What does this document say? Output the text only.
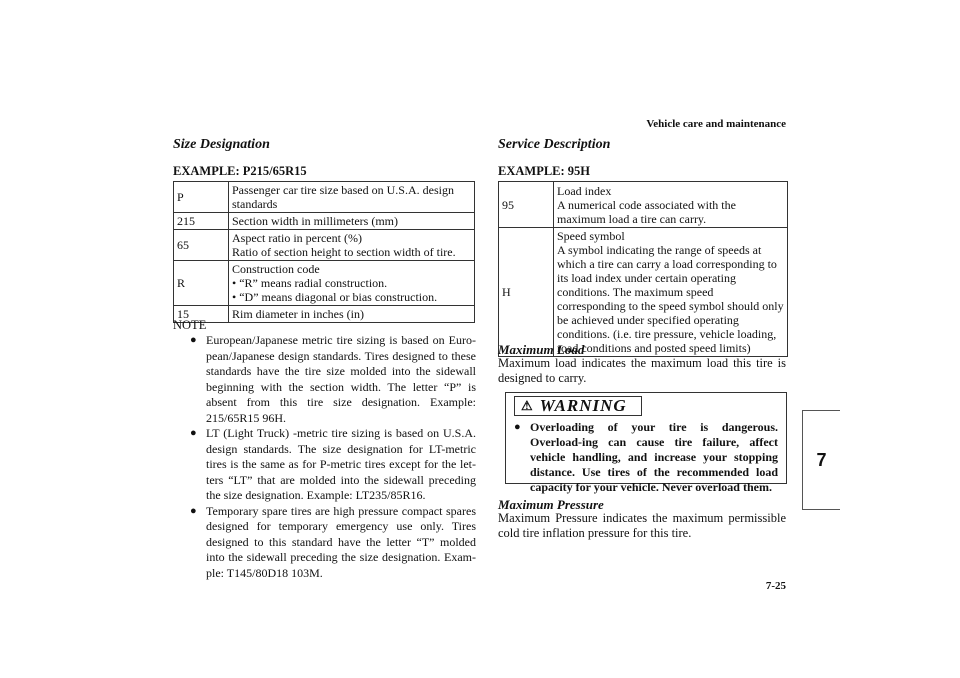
Vehicle care and maintenance
7-25
7
Size Designation
EXAMPLE: P215/65R15
P	Passenger car tire size based on U.S.A. design standards
215	Section width in millimeters (mm)
65	Aspect ratio in percent (%)
Ratio of section height to section width of tire.
R	Construction code
• “R” means radial construction.
• “D” means diagonal or bias construction.
15	Rim diameter in inches (in)
NOTE
● European/Japanese metric tire sizing is based on Euro-pean/Japanese design standards. Tires designed to these standards have the tire size molded into the sidewall beginning with the section width. The letter “P” is absent from this tire size designation. Example: 215/65R15 96H.
● LT (Light Truck) -metric tire sizing is based on U.S.A. design standards. The size designation for LT-metric tires is the same as for P-metric tires except for the let-ters “LT” that are molded into the sidewall preceding the size designation. Example: LT235/85R16.
● Temporary spare tires are high pressure compact spares designed for temporary emergency use only. Tires designed to this standard have the letter “T” molded into the sidewall preceding the size designation. Exam-ple: T145/80D18 103M.
Service Description
EXAMPLE: 95H
95	Load index
A numerical code associated with the maximum load a tire can carry.
H	Speed symbol
A symbol indicating the range of speeds at which a tire can carry a load corresponding to its load index under certain operating conditions. The maximum speed corresponding to the speed symbol should only be achieved under specified operating conditions. (i.e. tire pressure, vehicle loading, road conditions and posted speed limits)
Maximum Load
Maximum load indicates the maximum load this tire is designed to carry.
⚠ WARNING
● Overloading of your tire is dangerous. Overload-ing can cause tire failure, affect vehicle handling, and increase your stopping distance. Use tires of the recommended load capacity for your vehicle. Never overload them.
Maximum Pressure
Maximum Pressure indicates the maximum permissible cold tire inflation pressure for this tire.
